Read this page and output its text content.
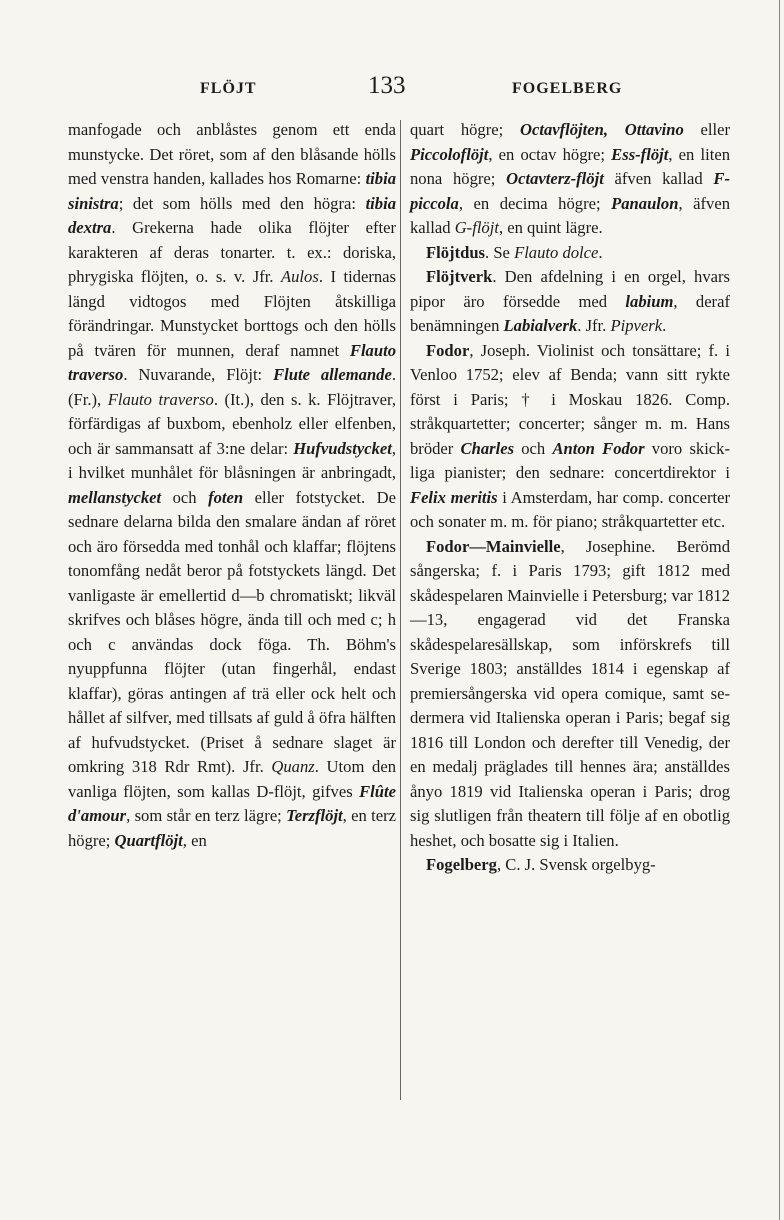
FLÖJT	133	FOGELBERG

manfogade och anblåstes genom ett enda munstycke. Det röret, som af den blåsande hölls med venstra handen, kallades hos Romarne: tibia sinistra; det som hölls med den högra: tibia dextra. Grekerna hade olika flöjter efter karakteren af deras tonarter. t. ex.: doriska, phrygiska flöjten, o. s. v. Jfr. Aulos. I tidernas längd vidtogos med Flöjten åtskilliga förändringar. Munstycket borttogs och den hölls på tvären för munnen, deraf namnet Flauto traverso. Nuvarande, Flöjt: Flute allemande. (Fr.), Flauto traverso. (It.), den s. k. Flöjtraver, förfärdigas af buxbom, ebenholz eller elfenben, och är sammansatt af 3:ne delar: Hufvudstycket, i hvilket munhålet för blåsningen är anbringadt, mellanstycket och foten eller fotstycket. De sednare delarna bilda den smalare ändan af röret och äro försedda med tonhål och klaffar; flöjtens tonomfång nedåt beror på fotstyckets längd. Det vanligaste är emellertid d—b chromatiskt; likväl skrifves och blåses högre, ända till och med c; h och c användas dock föga. Th. Böhm's nyuppfunna flöjter (utan fingerhål, endast klaffar), göras antingen af trä eller ock helt och hållet af silfver, med tillsats af guld å öfra hälften af hufvudstycket. (Priset å sednare slaget är omkring 318 Rdr Rmt). Jfr. Quanz. Utom den vanliga flöjten, som kallas D-flöjt, gifves Flûte d'amour, som står en terz lägre; Terzflöjt, en terz högre; Quartflöjt, en

quart högre; Octavflöjten, Ottavino eller Piccoloflöjt, en octav högre; Ess-flöjt, en liten nona högre; Octavterz-flöjt äfven kallad F-piccola, en decima högre; Panaulon, äfven kallad G-flöjt, en quint lägre.

Flöjtdus. Se Flauto dolce.

Flöjtverk. Den afdelning i en orgel, hvars pipor äro försedde med labium, deraf benämningen Labialverk. Jfr. Pipverk.

Fodor, Joseph. Violinist och tonsättare; f. i Venloo 1752; elev af Benda; vann sitt rykte först i Paris; † i Moskau 1826. Comp. stråkquartetter; concerter; sånger m. m. Hans bröder Charles och Anton Fodor voro skickliga pianister; den sednare: concertdirektor i Felix meritis i Amsterdam, har comp. concerter och sonater m. m. för piano; stråkquartetter etc.

Fodor—Mainvielle, Josephine. Berömd sångerska; f. i Paris 1793; gift 1812 med skådespelaren Mainvielle i Petersburg; var 1812—13, engagerad vid det Franska skådespelaresällskap, som införskrefs till Sverige 1803; anställdes 1814 i egenskap af premiersångerska vid opera comique, samt sedermera vid Italienska operan i Paris; begaf sig 1816 till London och derefter till Venedig, der en medalj präglades till hennes ära; anställdes ånyo 1819 vid Italienska operan i Paris; drog sig slutligen från theatern till följe af en obotlig heshet, och bosatte sig i Italien.

Fogelberg, C. J. Svensk orgelbyg-
